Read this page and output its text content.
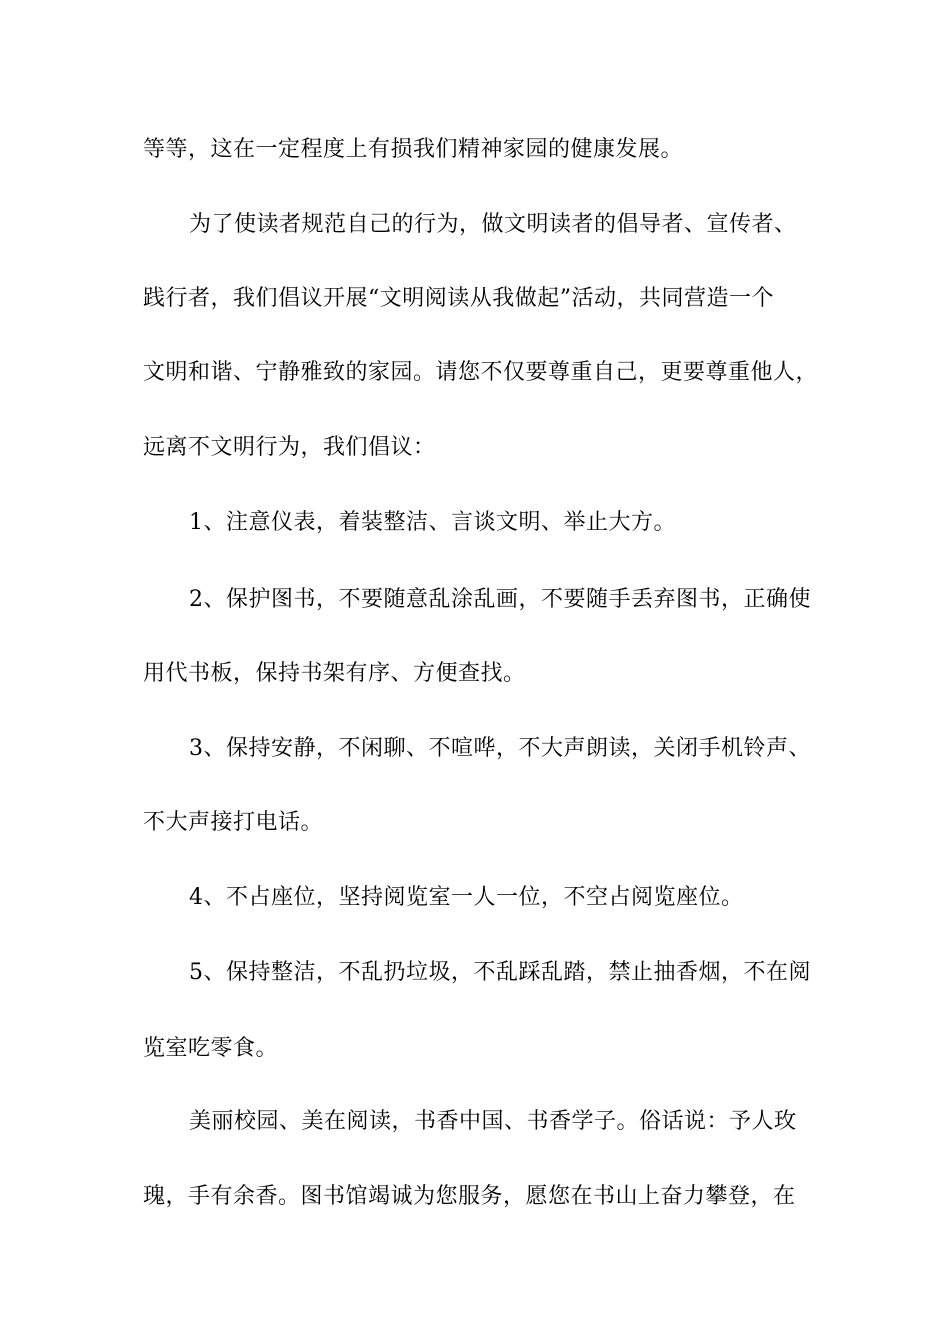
等等，这在一定程度上有损我们精神家园的健康发展。
为了使读者规范自己的行为，做文明读者的倡导者、宣传者、
践行者，我们倡议开展“文明阅读从我做起”活动，共同营造一个
文明和谐、宁静雅致的家园。请您不仅要尊重自己，更要尊重他人，
远离不文明行为，我们倡议：
1、注意仪表，着装整洁、言谈文明、举止大方。
2、保护图书，不要随意乱涂乱画，不要随手丢弃图书，正确使
用代书板，保持书架有序、方便查找。
3、保持安静，不闲聊、不喧哗，不大声朗读，关闭手机铃声、
不大声接打电话。
4、不占座位，坚持阅览室一人一位，不空占阅览座位。
5、保持整洁，不乱扔垃圾，不乱踩乱踏，禁止抽香烟，不在阅
览室吃零食。
美丽校园、美在阅读，书香中国、书香学子。俗话说：予人玫
瑰，手有余香。图书馆竭诚为您服务，愿您在书山上奋力攀登，在
